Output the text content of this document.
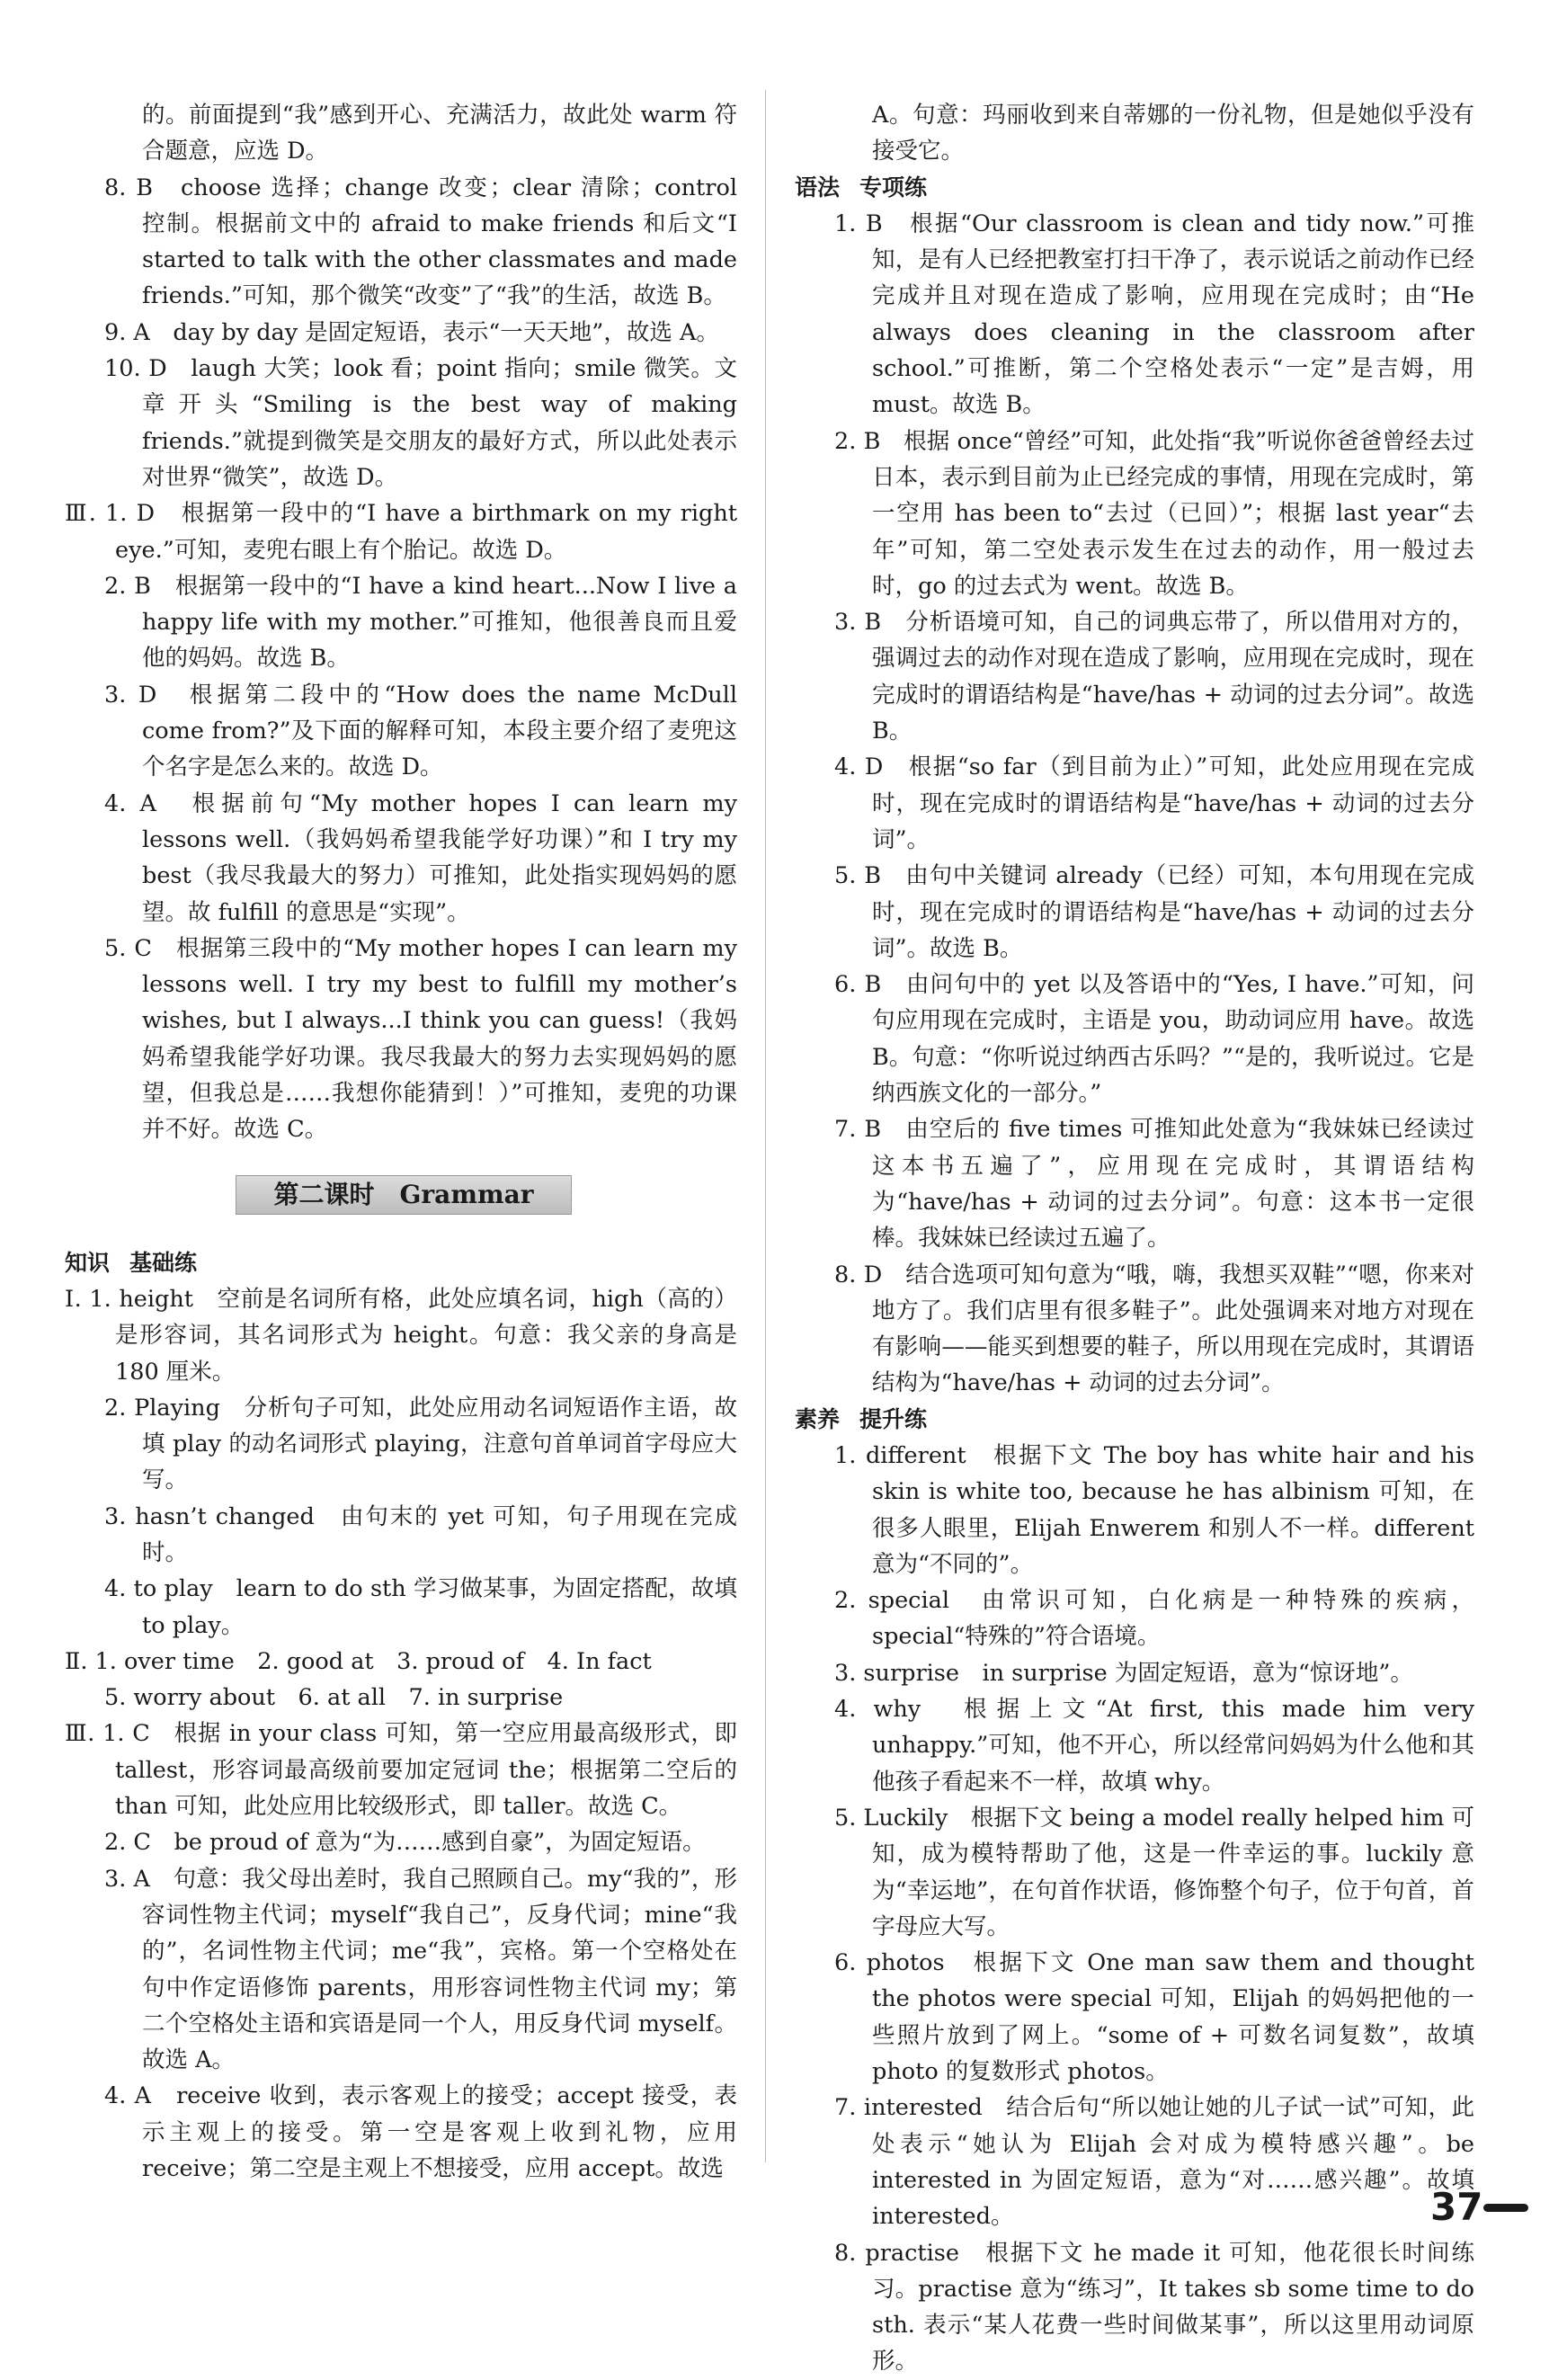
的。前面提到“我”感到开心、充满活力，故此处 warm 符合题意，应选 D。
8. B　choose 选择；change 改变；clear 清除；control 控制。根据前文中的 afraid to make friends 和后文“I started to talk with the other classmates and made friends.”可知，那个微笑“改变”了“我”的生活，故选 B。
9. A　day by day 是固定短语，表示“一天天地”，故选 A。
10. D　laugh 大笑；look 看；point 指向；smile 微笑。文章开头“Smiling is the best way of making friends.”就提到微笑是交朋友的最好方式，所以此处表示对世界“微笑”，故选 D。
Ⅲ. 1. D　根据第一段中的“I have a birthmark on my right eye.”可知，麦兜右眼上有个胎记。故选 D。
2. B　根据第一段中的“I have a kind heart...Now I live a happy life with my mother.”可推知，他很善良而且爱他的妈妈。故选 B。
3. D　根据第二段中的“How does the name McDull come from?”及下面的解释可知，本段主要介绍了麦兜这个名字是怎么来的。故选 D。
4. A　根据前句“My mother hopes I can learn my lessons well.（我妈妈希望我能学好功课）”和 I try my best（我尽我最大的努力）可推知，此处指实现妈妈的愿望。故 fulfill 的意思是“实现”。
5. C　根据第三段中的“My mother hopes I can learn my lessons well. I try my best to fulfill my mother’s wishes, but I always...I think you can guess!（我妈妈希望我能学好功课。我尽我最大的努力去实现妈妈的愿望，但我总是……我想你能猜到！）”可推知，麦兜的功课并不好。故选 C。
第二课时　Grammar
知识 基础练
Ⅰ. 1. height　空前是名词所有格，此处应填名词，high（高的）是形容词，其名词形式为 height。句意：我父亲的身高是 180 厘米。
2. Playing　分析句子可知，此处应用动名词短语作主语，故填 play 的动名词形式 playing，注意句首单词首字母应大写。
3. hasn’t changed　由句末的 yet 可知，句子用现在完成时。
4. to play　learn to do sth 学习做某事，为固定搭配，故填 to play。
Ⅱ. 1. over time　2. good at　3. proud of　4. In fact
5. worry about　6. at all　7. in surprise
Ⅲ. 1. C　根据 in your class 可知，第一空应用最高级形式，即 tallest，形容词最高级前要加定冠词 the；根据第二空后的 than 可知，此处应用比较级形式，即 taller。故选 C。
2. C　be proud of 意为“为……感到自豪”，为固定短语。
3. A　句意：我父母出差时，我自己照顾自己。my“我的”，形容词性物主代词；myself“我自己”，反身代词；mine“我的”，名词性物主代词；me“我”，宾格。第一个空格处在句中作定语修饰 parents，用形容词性物主代词 my；第二个空格处主语和宾语是同一个人，用反身代词 myself。故选 A。
4. A　receive 收到，表示客观上的接受；accept 接受，表示主观上的接受。第一空是客观上收到礼物，应用 receive；第二空是主观上不想接受，应用 accept。故选
A。句意：玛丽收到来自蒂娜的一份礼物，但是她似乎没有接受它。
语法 专项练
1. B　根据“Our classroom is clean and tidy now.”可推知，是有人已经把教室打扫干净了，表示说话之前动作已经完成并且对现在造成了影响，应用现在完成时；由“He always does cleaning in the classroom after school.”可推断，第二个空格处表示“一定”是吉姆，用 must。故选 B。
2. B　根据 once“曾经”可知，此处指“我”听说你爸爸曾经去过日本，表示到目前为止已经完成的事情，用现在完成时，第一空用 has been to“去过（已回）”；根据 last year“去年”可知，第二空处表示发生在过去的动作，用一般过去时，go 的过去式为 went。故选 B。
3. B　分析语境可知，自己的词典忘带了，所以借用对方的，强调过去的动作对现在造成了影响，应用现在完成时，现在完成时的谓语结构是“have/has + 动词的过去分词”。故选 B。
4. D　根据“so far（到目前为止）”可知，此处应用现在完成时，现在完成时的谓语结构是“have/has + 动词的过去分词”。
5. B　由句中关键词 already（已经）可知，本句用现在完成时，现在完成时的谓语结构是“have/has + 动词的过去分词”。故选 B。
6. B　由问句中的 yet 以及答语中的“Yes, I have.”可知，问句应用现在完成时，主语是 you，助动词应用 have。故选 B。句意：“你听说过纳西古乐吗？”“是的，我听说过。它是纳西族文化的一部分。”
7. B　由空后的 five times 可推知此处意为“我妹妹已经读过这本书五遍了”，应用现在完成时，其谓语结构为“have/has + 动词的过去分词”。句意：这本书一定很棒。我妹妹已经读过五遍了。
8. D　结合选项可知句意为“哦，嗨，我想买双鞋”“嗯，你来对地方了。我们店里有很多鞋子”。此处强调来对地方对现在有影响——能买到想要的鞋子，所以用现在完成时，其谓语结构为“have/has + 动词的过去分词”。
素养 提升练
1. different　根据下文 The boy has white hair and his skin is white too, because he has albinism 可知，在很多人眼里，Elijah Enwerem 和别人不一样。different 意为“不同的”。
2. special　由常识可知，白化病是一种特殊的疾病，special“特殊的”符合语境。
3. surprise　in surprise 为固定短语，意为“惊讶地”。
4. why　根据上文“At first, this made him very unhappy.”可知，他不开心，所以经常问妈妈为什么他和其他孩子看起来不一样，故填 why。
5. Luckily　根据下文 being a model really helped him 可知，成为模特帮助了他，这是一件幸运的事。luckily 意为“幸运地”，在句首作状语，修饰整个句子，位于句首，首字母应大写。
6. photos　根据下文 One man saw them and thought the photos were special 可知，Elijah 的妈妈把他的一些照片放到了网上。“some of + 可数名词复数”，故填 photo 的复数形式 photos。
7. interested　结合后句“所以她让她的儿子试一试”可知，此处表示“她认为 Elijah 会对成为模特感兴趣”。be interested in 为固定短语，意为“对……感兴趣”。故填 interested。
8. practise　根据下文 he made it 可知，他花很长时间练习。practise 意为“练习”，It takes sb some time to do sth. 表示“某人花费一些时间做某事”，所以这里用动词原形。
37
